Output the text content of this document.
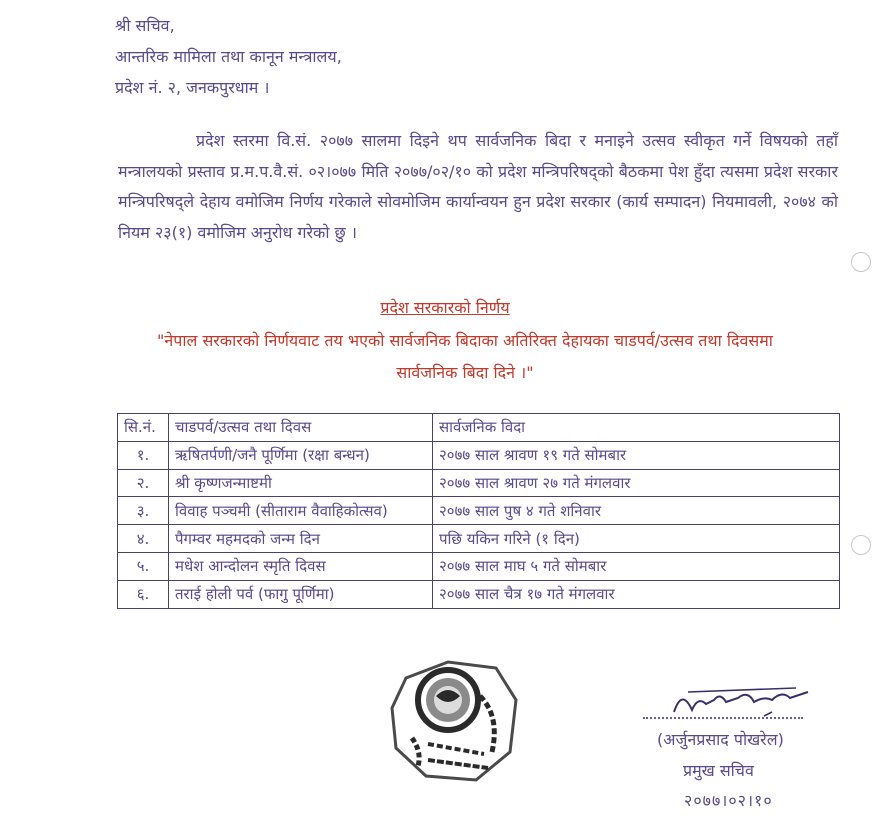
श्री सचिव,
आन्तरिक मामिला तथा कानून मन्त्रालय,
प्रदेश नं. २, जनकपुरधाम ।
प्रदेश स्तरमा वि.सं. २०७७ सालमा दिइने थप सार्वजनिक बिदा र मनाइने उत्सव स्वीकृत गर्ने विषयको तहाँ मन्त्रालयको प्रस्ताव प्र.म.प.वै.सं. ०२।०७७ मिति २०७७/०२/१० को प्रदेश मन्त्रिपरिषद्को बैठकमा पेश हुँदा त्यसमा प्रदेश सरकार मन्त्रिपरिषद्ले देहाय वमोजिम निर्णय गरेकाले सोवमोजिम कार्यान्वयन हुन प्रदेश सरकार (कार्य सम्पादन) नियमावली, २०७४ को नियम २३(१) वमोजिम अनुरोध गरेको छु ।
प्रदेश सरकारको निर्णय
"नेपाल सरकारको निर्णयवाट तय भएको सार्वजनिक बिदाका अतिरिक्त देहायका चाडपर्व/उत्सव तथा दिवसमा
सार्वजनिक बिदा दिने ।"
सि.नं.	चाडपर्व/उत्सव तथा दिवस	सार्वजनिक विदा
१.	ऋषितर्पणी/जनै पूर्णिमा (रक्षा बन्धन)	२०७७ साल श्रावण १९ गते सोमबार
२.	श्री कृष्णजन्माष्टमी	२०७७ साल श्रावण २७ गते मंगलवार
३.	विवाह पञ्चमी (सीताराम वैवाहिकोत्सव)	२०७७ साल पुष ४ गते शनिवार
४.	पैगम्वर महमदको जन्म दिन	पछि यकिन गरिने (१ दिन)
५.	मधेश आन्दोलन स्मृति दिवस	२०७७ साल माघ ५ गते सोमबार
६.	तराई होली पर्व (फागु पूर्णिमा)	२०७७ साल चैत्र १७ गते मंगलवार
(अर्जुनप्रसाद पोखरेल)
प्रमुख सचिव
२०७७।०२।१०
